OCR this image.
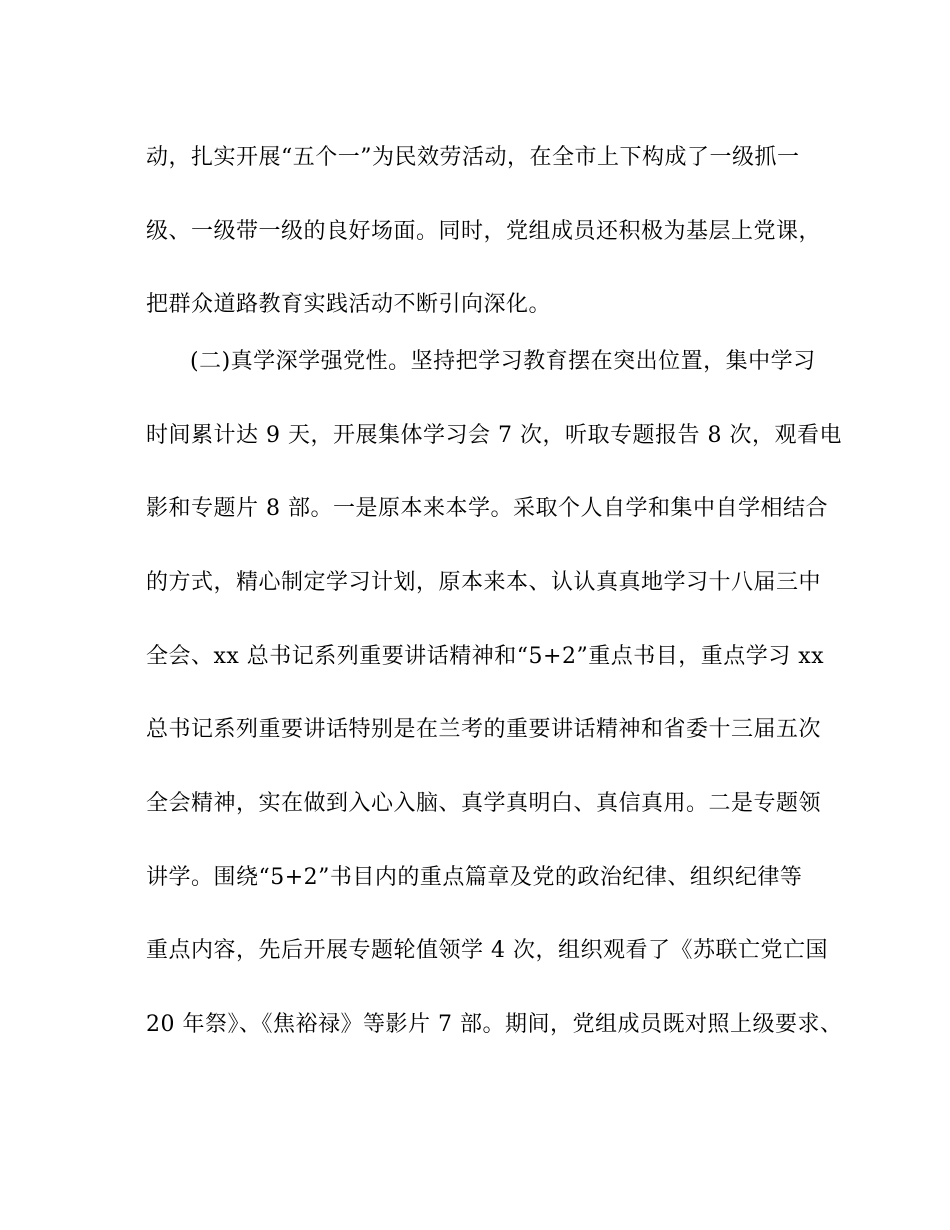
动，扎实开展“五个一”为民效劳活动，在全市上下构成了一级抓一
级、一级带一级的良好场面。同时，党组成员还积极为基层上党课，
把群众道路教育实践活动不断引向深化。
(二)真学深学强党性。坚持把学习教育摆在突出位置，集中学习
时间累计达 9 天，开展集体学习会 7 次，听取专题报告 8 次，观看电
影和专题片 8 部。一是原本来本学。采取个人自学和集中自学相结合
的方式，精心制定学习计划，原本来本、认认真真地学习十八届三中
全会、xx 总书记系列重要讲话精神和“5+2”重点书目，重点学习 xx
总书记系列重要讲话特别是在兰考的重要讲话精神和省委十三届五次
全会精神，实在做到入心入脑、真学真明白、真信真用。二是专题领
讲学。围绕“5+2”书目内的重点篇章及党的政治纪律、组织纪律等
重点内容，先后开展专题轮值领学 4 次，组织观看了《苏联亡党亡国
20 年祭》、《焦裕禄》等影片 7 部。期间，党组成员既对照上级要求、
